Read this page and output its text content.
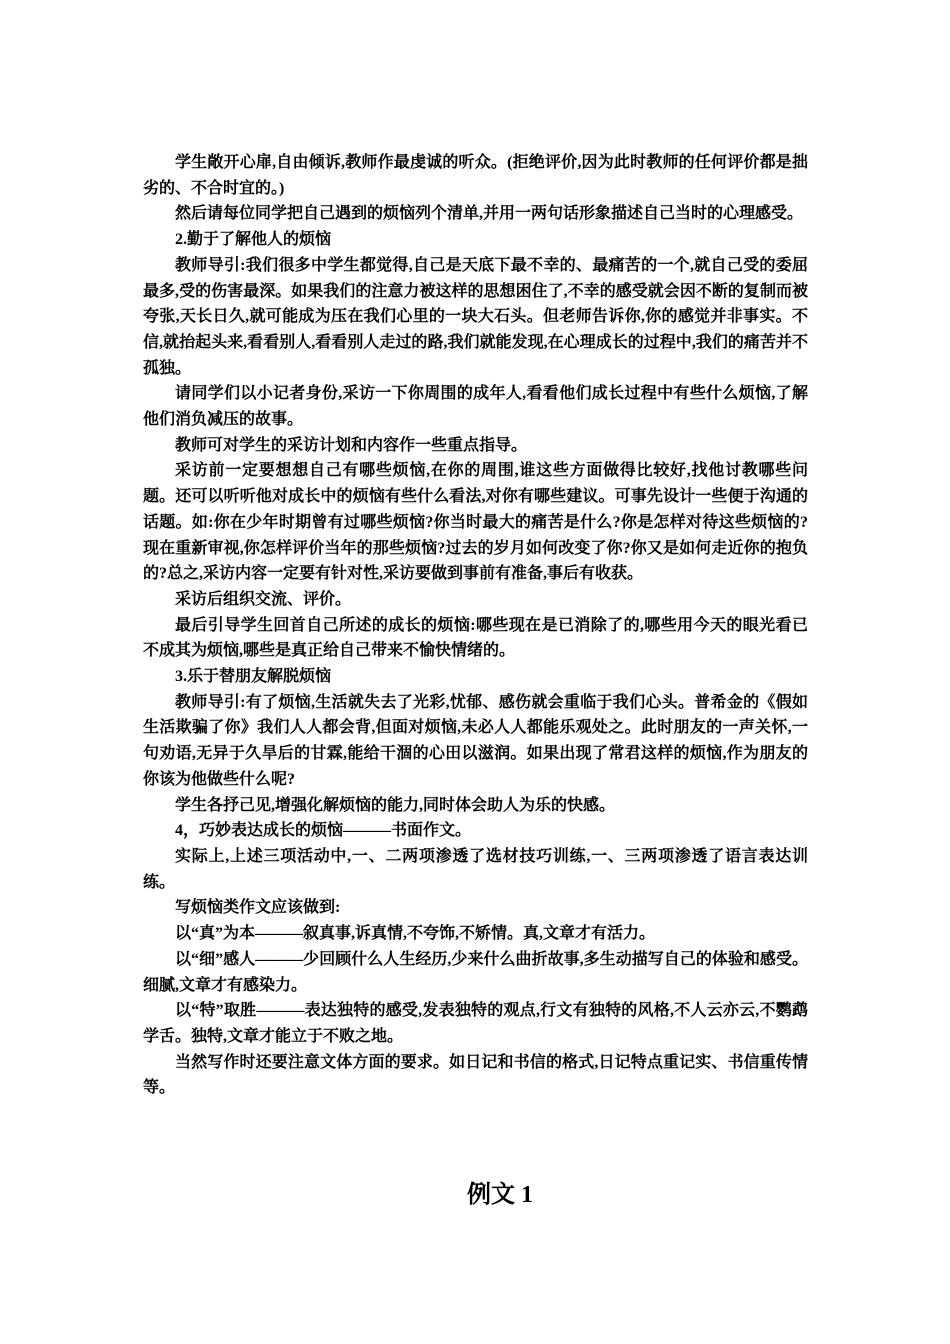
学生敞开心扉,自由倾诉,教师作最虔诚的听众。(拒绝评价,因为此时教师的任何评价都是拙劣的、不合时宜的。)

然后请每位同学把自己遇到的烦恼列个清单,并用一两句话形象描述自己当时的心理感受。

2.勤于了解他人的烦恼

教师导引:我们很多中学生都觉得,自己是天底下最不幸的、最痛苦的一个,就自己受的委屈最多,受的伤害最深。如果我们的注意力被这样的思想困住了,不幸的感受就会因不断的复制而被夸张,天长日久,就可能成为压在我们心里的一块大石头。但老师告诉你,你的感觉并非事实。不信,就抬起头来,看看别人,看看别人走过的路,我们就能发现,在心理成长的过程中,我们的痛苦并不孤独。

请同学们以小记者身份,采访一下你周围的成年人,看看他们成长过程中有些什么烦恼,了解他们消负减压的故事。

教师可对学生的采访计划和内容作一些重点指导。

采访前一定要想想自己有哪些烦恼,在你的周围,谁这些方面做得比较好,找他讨教哪些问题。还可以听听他对成长中的烦恼有些什么看法,对你有哪些建议。可事先设计一些便于沟通的话题。如:你在少年时期曾有过哪些烦恼?你当时最大的痛苦是什么?你是怎样对待这些烦恼的?现在重新审视,你怎样评价当年的那些烦恼?过去的岁月如何改变了你?你又是如何走近你的抱负的?总之,采访内容一定要有针对性,采访要做到事前有准备,事后有收获。

采访后组织交流、评价。

最后引导学生回首自己所述的成长的烦恼:哪些现在是已消除了的,哪些用今天的眼光看已不成其为烦恼,哪些是真正给自己带来不愉快情绪的。

3.乐于替朋友解脱烦恼

教师导引:有了烦恼,生活就失去了光彩,忧郁、感伤就会重临于我们心头。普希金的《假如生活欺骗了你》我们人人都会背,但面对烦恼,未必人人都能乐观处之。此时朋友的一声关怀,一句劝语,无异于久旱后的甘霖,能给干涸的心田以滋润。如果出现了常君这样的烦恼,作为朋友的你该为他做些什么呢?

学生各抒己见,增强化解烦恼的能力,同时体会助人为乐的快感。

4，巧妙表达成长的烦恼———书面作文。

实际上,上述三项活动中,一、二两项渗透了选材技巧训练,一、三两项渗透了语言表达训练。

写烦恼类作文应该做到:

以“真”为本———叙真事,诉真情,不夸饰,不矫情。真,文章才有活力。

以“细”感人———少回顾什么人生经历,少来什么曲折故事,多生动描写自己的体验和感受。细腻,文章才有感染力。

以“特”取胜———表达独特的感受,发表独特的观点,行文有独特的风格,不人云亦云,不鹦鹉学舌。独特,文章才能立于不败之地。

当然写作时还要注意文体方面的要求。如日记和书信的格式,日记特点重记实、书信重传情等。

例文 1
